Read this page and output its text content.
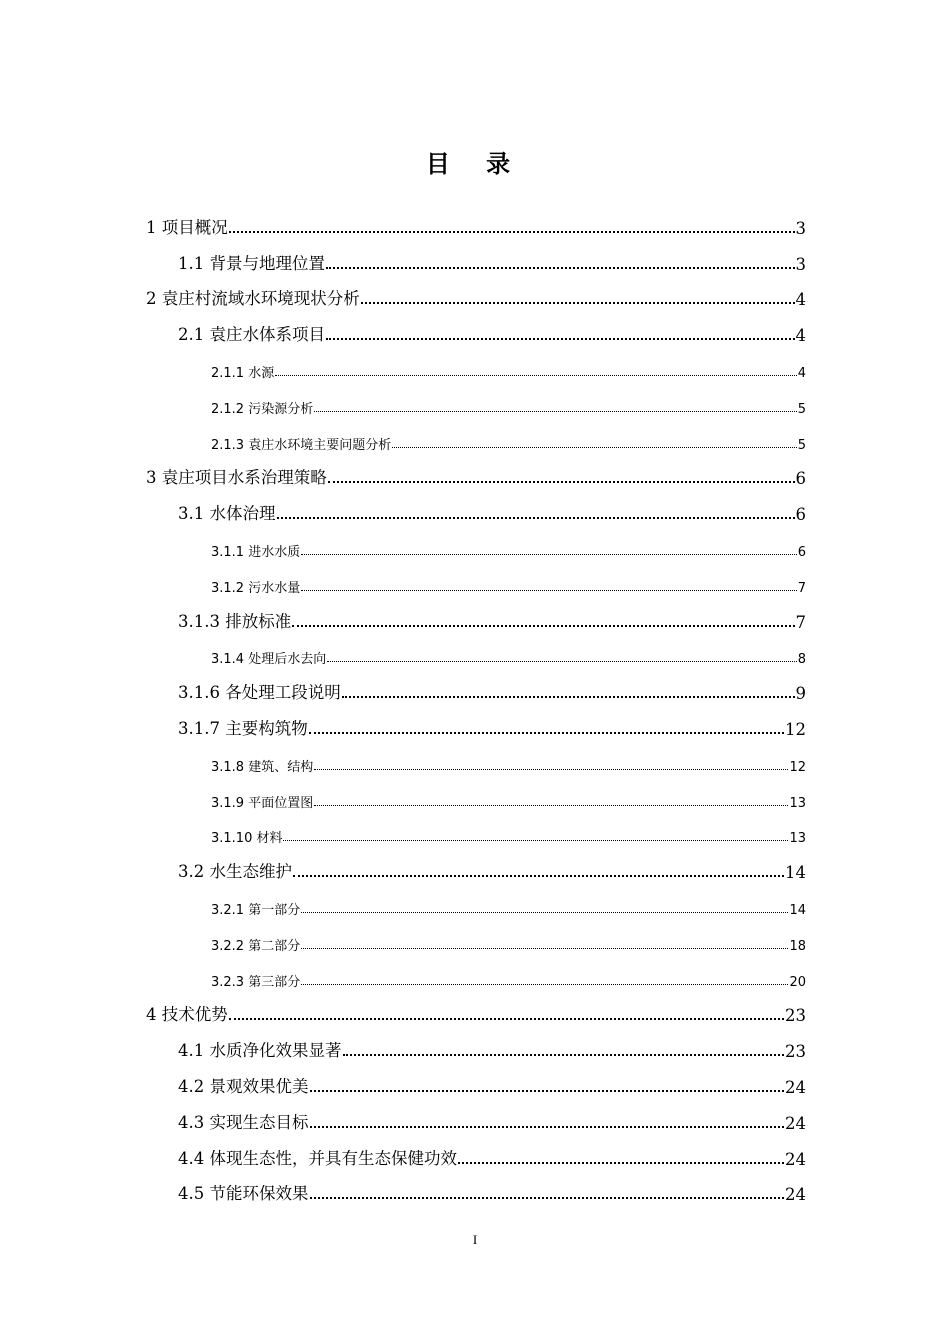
目 录
1 项目概况	3
1.1 背景与地理位置	3
2 袁庄村流域水环境现状分析	4
2.1 袁庄水体系项目	4
2.1.1 水源	4
2.1.2 污染源分析	5
2.1.3 袁庄水环境主要问题分析	5
3 袁庄项目水系治理策略	6
3.1 水体治理	6
3.1.1 进水水质	6
3.1.2 污水水量	7
3.1.3 排放标准	7
3.1.4 处理后水去向	8
3.1.6 各处理工段说明	9
3.1.7 主要构筑物	12
3.1.8 建筑、结构	12
3.1.9 平面位置图	13
3.1.10 材料	13
3.2 水生态维护	14
3.2.1 第一部分	14
3.2.2 第二部分	18
3.2.3 第三部分	20
4 技术优势	23
4.1 水质净化效果显著	23
4.2 景观效果优美	24
4.3 实现生态目标	24
4.4 体现生态性，并具有生态保健功效	24
4.5 节能环保效果	24
I
